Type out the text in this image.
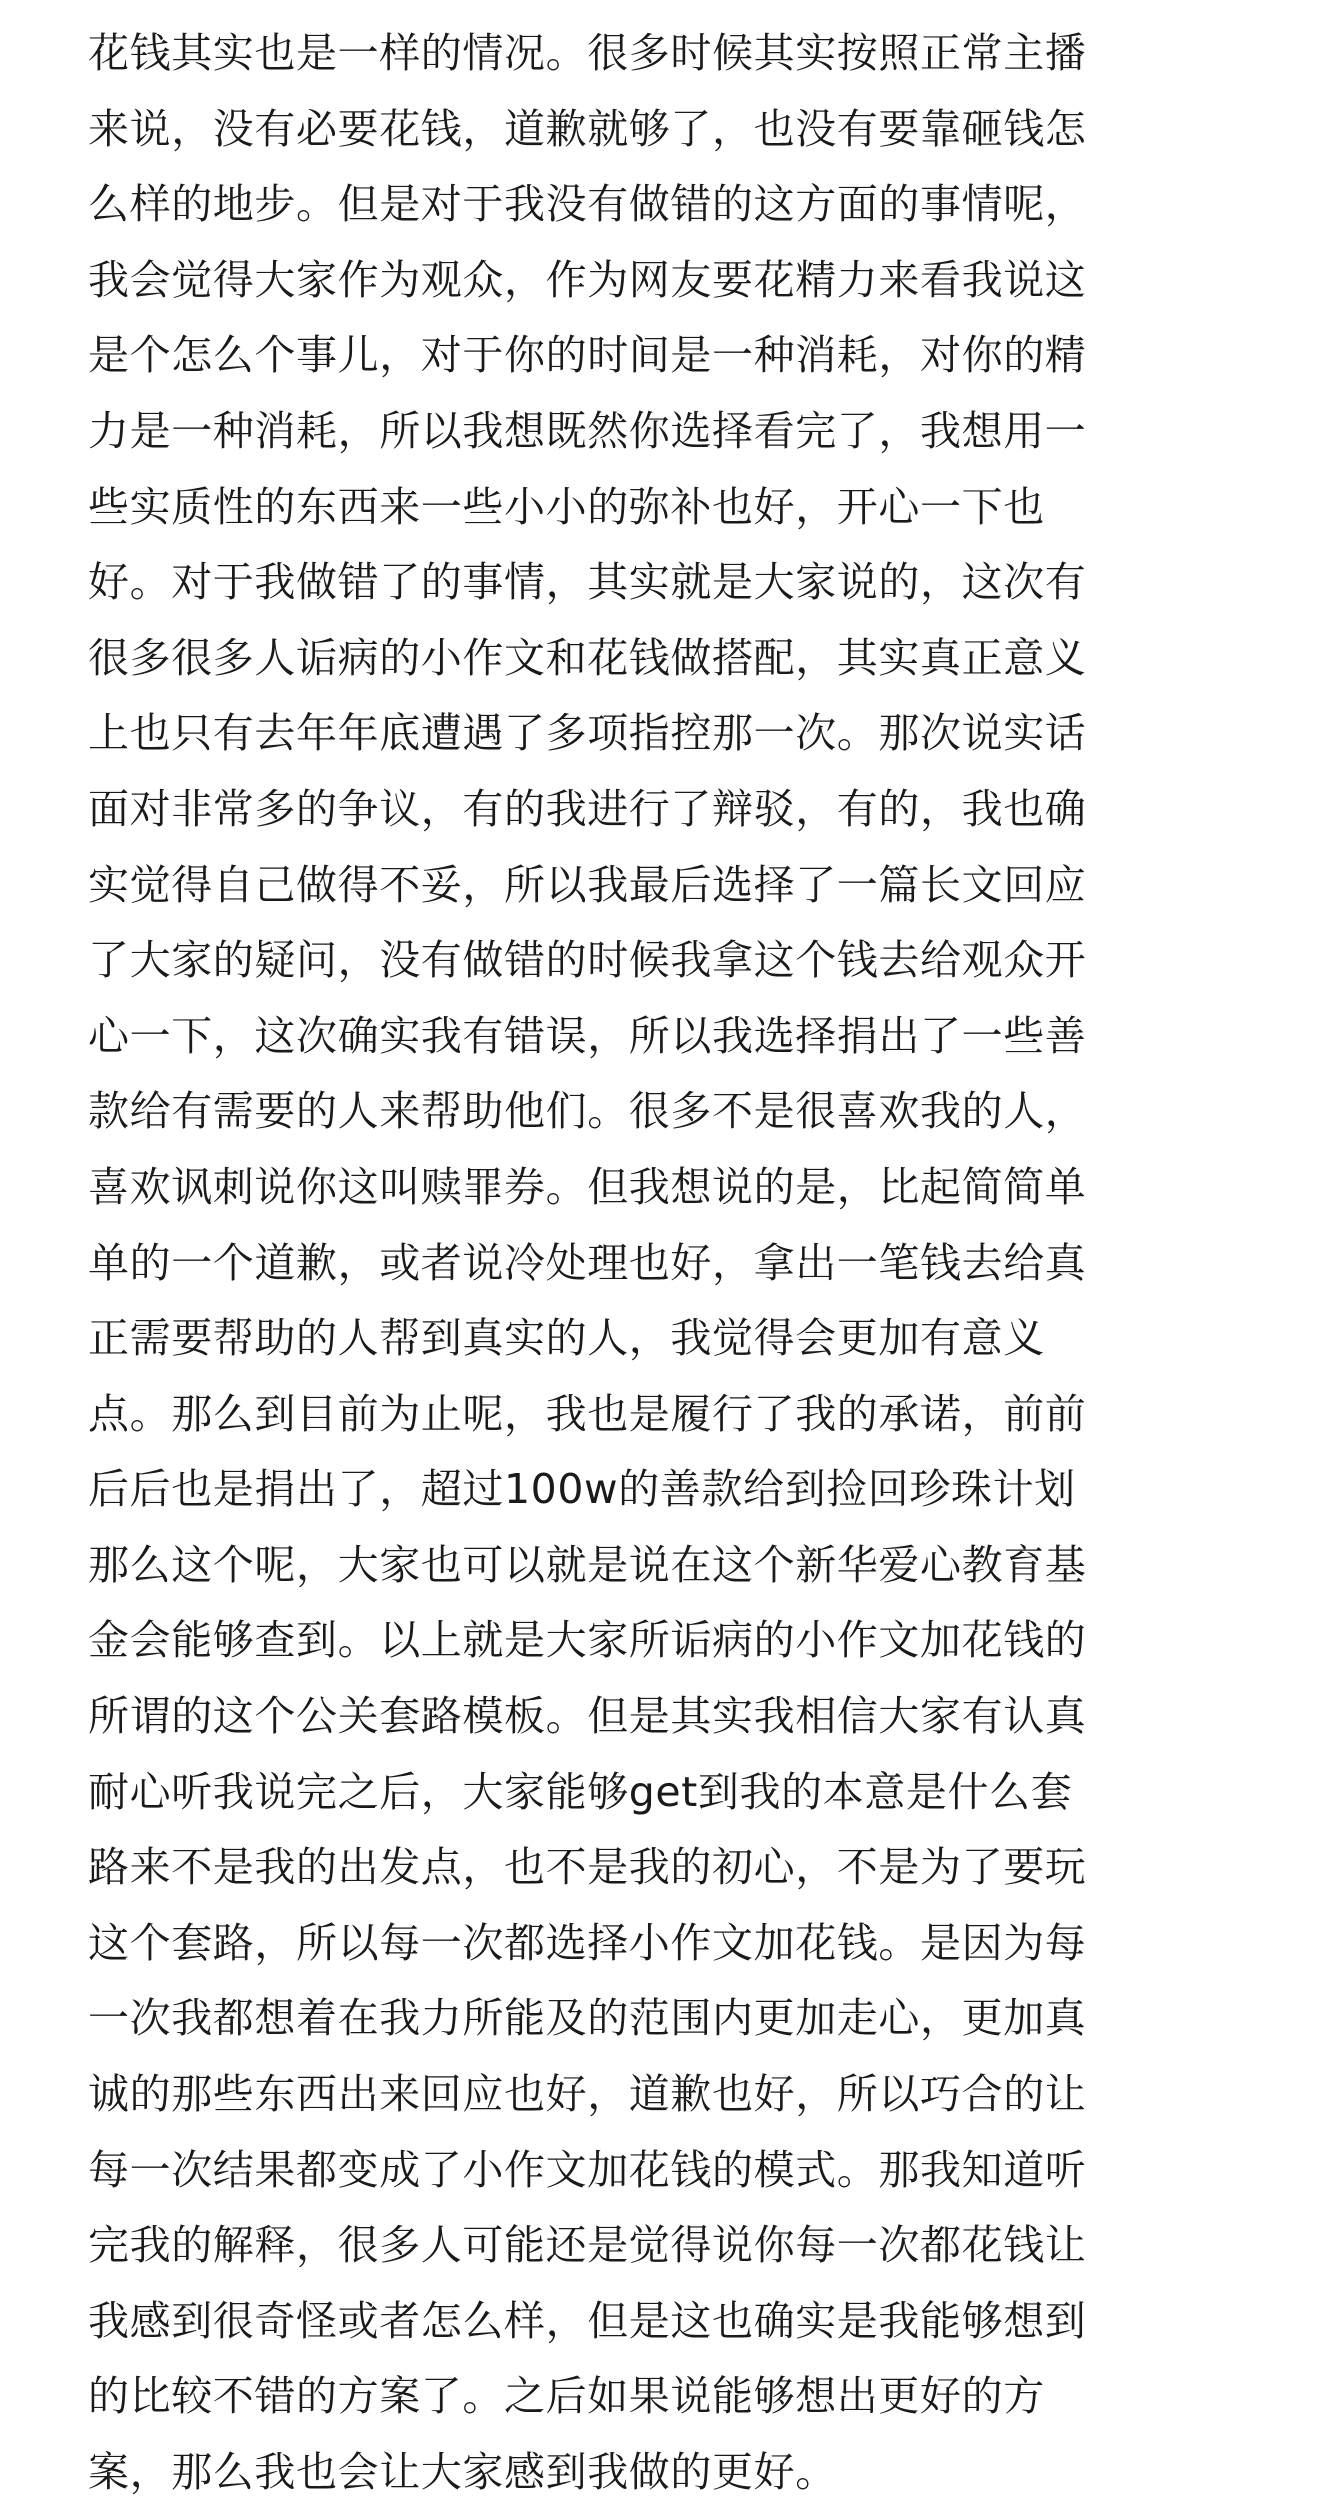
花钱其实也是一样的情况。很多时候其实按照正常主播
来说，没有必要花钱，道歉就够了，也没有要靠砸钱怎
么样的地步。但是对于我没有做错的这方面的事情呢，
我会觉得大家作为观众，作为网友要花精力来看我说这
是个怎么个事儿，对于你的时间是一种消耗，对你的精
力是一种消耗，所以我想既然你选择看完了，我想用一
些实质性的东西来一些小小的弥补也好，开心一下也
好。对于我做错了的事情，其实就是大家说的，这次有
很多很多人诟病的小作文和花钱做搭配，其实真正意义
上也只有去年年底遭遇了多项指控那一次。那次说实话
面对非常多的争议，有的我进行了辩驳，有的，我也确
实觉得自己做得不妥，所以我最后选择了一篇长文回应
了大家的疑问，没有做错的时候我拿这个钱去给观众开
心一下，这次确实我有错误，所以我选择捐出了一些善
款给有需要的人来帮助他们。很多不是很喜欢我的人，
喜欢讽刺说你这叫赎罪券。但我想说的是，比起简简单
单的一个道歉，或者说冷处理也好，拿出一笔钱去给真
正需要帮助的人帮到真实的人，我觉得会更加有意义
点。那么到目前为止呢，我也是履行了我的承诺，前前
后后也是捐出了，超过100w的善款给到捡回珍珠计划
那么这个呢，大家也可以就是说在这个新华爱心教育基
金会能够查到。以上就是大家所诟病的小作文加花钱的
所谓的这个公关套路模板。但是其实我相信大家有认真
耐心听我说完之后，大家能够get到我的本意是什么套
路来不是我的出发点，也不是我的初心，不是为了要玩
这个套路，所以每一次都选择小作文加花钱。是因为每
一次我都想着在我力所能及的范围内更加走心，更加真
诚的那些东西出来回应也好，道歉也好，所以巧合的让
每一次结果都变成了小作文加花钱的模式。那我知道听
完我的解释，很多人可能还是觉得说你每一次都花钱让
我感到很奇怪或者怎么样，但是这也确实是我能够想到
的比较不错的方案了。之后如果说能够想出更好的方
案，那么我也会让大家感到我做的更好。
